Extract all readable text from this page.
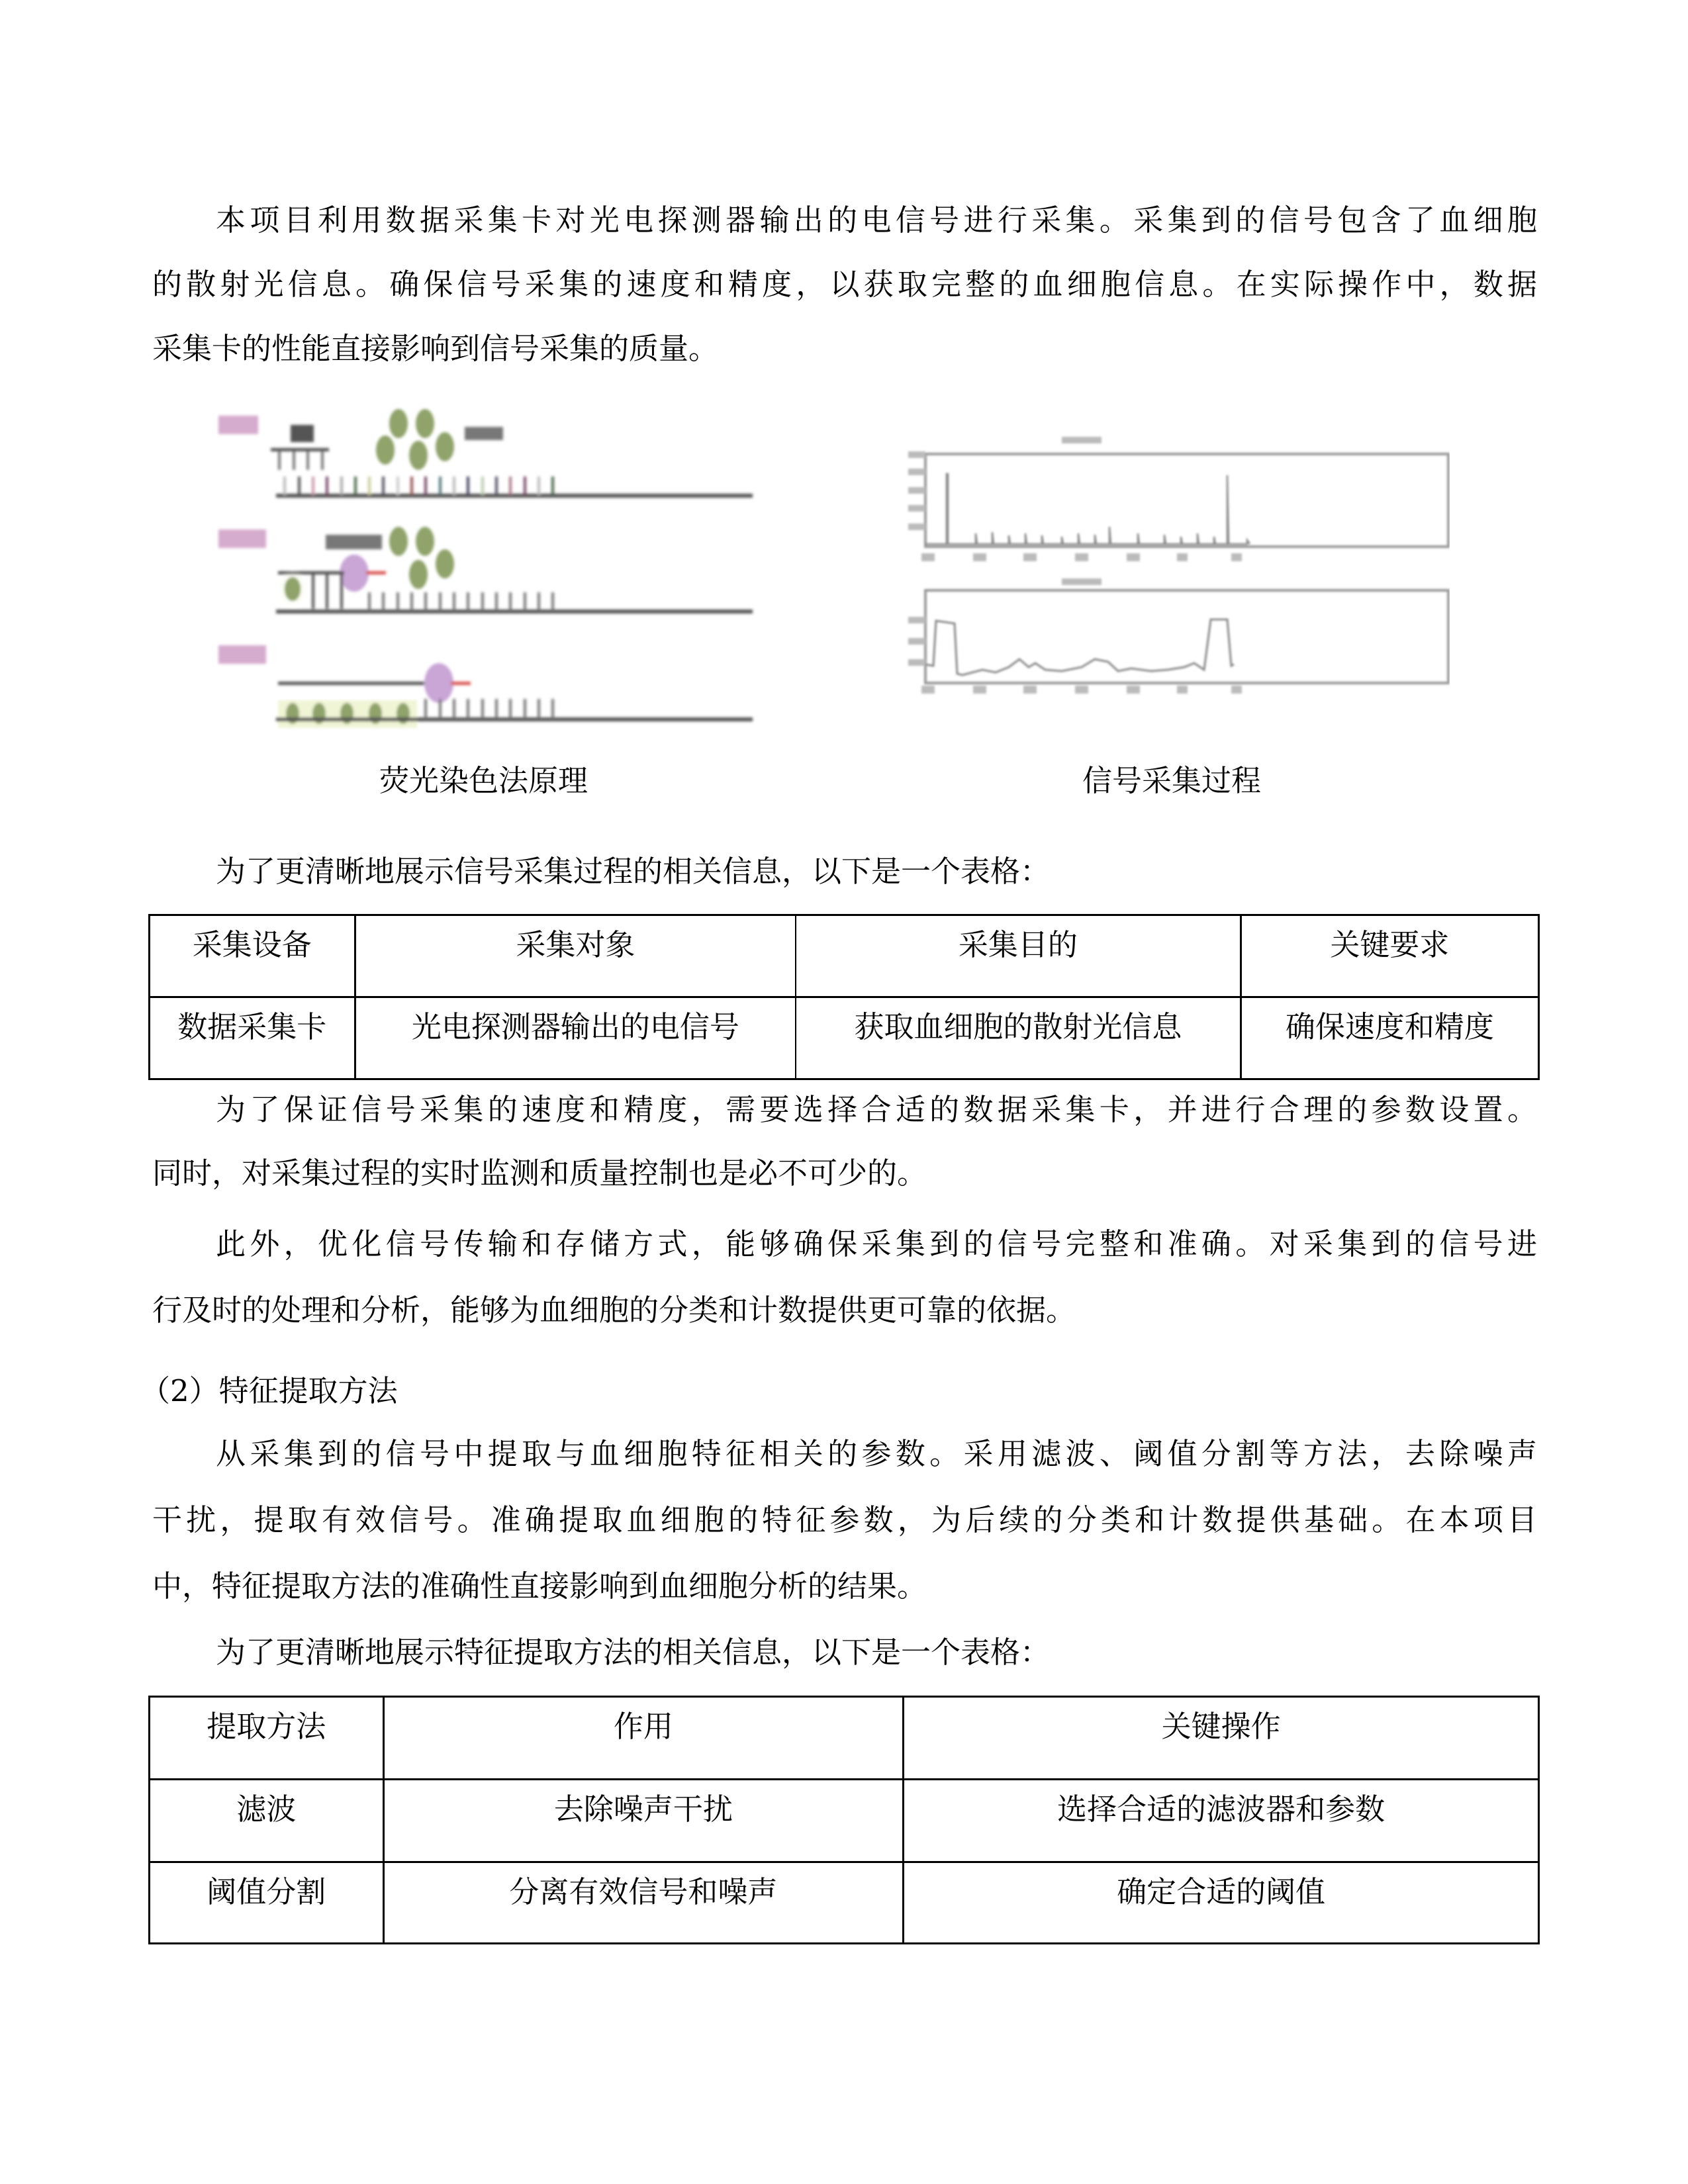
本项目利用数据采集卡对光电探测器输出的电信号进行采集。采集到的信号包含了血细胞
的散射光信息。确保信号采集的速度和精度，以获取完整的血细胞信息。在实际操作中，数据
采集卡的性能直接影响到信号采集的质量。
荧光染色法原理	信号采集过程
为了更清晰地展示信号采集过程的相关信息，以下是一个表格：
采集设备	采集对象	采集目的	关键要求
数据采集卡	光电探测器输出的电信号	获取血细胞的散射光信息	确保速度和精度
为了保证信号采集的速度和精度，需要选择合适的数据采集卡，并进行合理的参数设置。
同时，对采集过程的实时监测和质量控制也是必不可少的。
此外，优化信号传输和存储方式，能够确保采集到的信号完整和准确。对采集到的信号进
行及时的处理和分析，能够为血细胞的分类和计数提供更可靠的依据。
（2）特征提取方法
从采集到的信号中提取与血细胞特征相关的参数。采用滤波、阈值分割等方法，去除噪声
干扰，提取有效信号。准确提取血细胞的特征参数，为后续的分类和计数提供基础。在本项目
中，特征提取方法的准确性直接影响到血细胞分析的结果。
为了更清晰地展示特征提取方法的相关信息，以下是一个表格：
提取方法	作用	关键操作
滤波	去除噪声干扰	选择合适的滤波器和参数
阈值分割	分离有效信号和噪声	确定合适的阈值
